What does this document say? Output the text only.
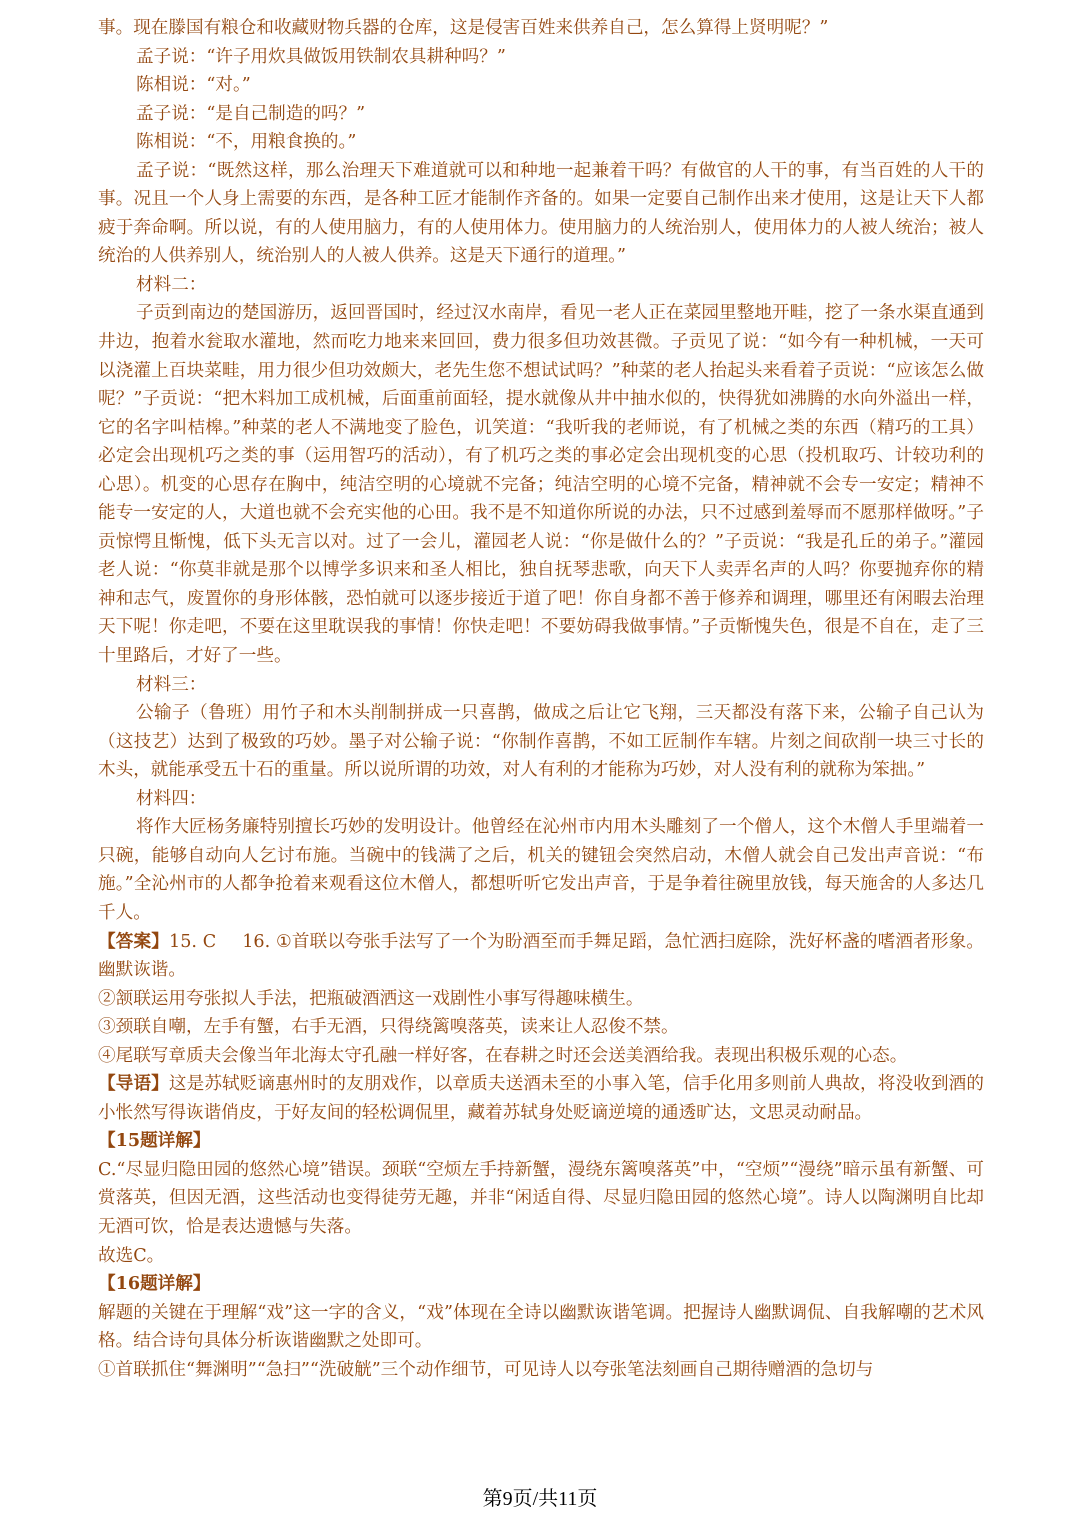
事。现在滕国有粮仓和收藏财物兵器的仓库，这是侵害百姓来供养自己，怎么算得上贤明呢？”

孟子说：“许子用炊具做饭用铁制农具耕种吗？”

陈相说：“对。”

孟子说：“是自己制造的吗？”

陈相说：“不，用粮食换的。”

孟子说：“既然这样，那么治理天下难道就可以和种地一起兼着干吗？有做官的人干的事，有当百姓的人干的事。况且一个人身上需要的东西，是各种工匠才能制作齐备的。如果一定要自己制作出来才使用，这是让天下人都疲于奔命啊。所以说，有的人使用脑力，有的人使用体力。使用脑力的人统治别人，使用体力的人被人统治；被人统治的人供养别人，统治别人的人被人供养。这是天下通行的道理。”

材料二：

子贡到南边的楚国游历，返回晋国时，经过汉水南岸，看见一老人正在菜园里整地开畦，挖了一条水渠直通到井边，抱着水瓮取水灌地，然而吃力地来来回回，费力很多但功效甚微。子贡见了说：“如今有一种机械，一天可以浇灌上百块菜畦，用力很少但功效颇大，老先生您不想试试吗？”种菜的老人抬起头来看着子贡说：“应该怎么做呢？”子贡说：“把木料加工成机械，后面重前面轻，提水就像从井中抽水似的，快得犹如沸腾的水向外溢出一样，它的名字叫桔槔。”种菜的老人不满地变了脸色，讥笑道：“我听我的老师说，有了机械之类的东西（精巧的工具）必定会出现机巧之类的事（运用智巧的活动），有了机巧之类的事必定会出现机变的心思（投机取巧、计较功利的心思）。机变的心思存在胸中，纯洁空明的心境就不完备；纯洁空明的心境不完备，精神就不会专一安定；精神不能专一安定的人，大道也就不会充实他的心田。我不是不知道你所说的办法，只不过感到羞辱而不愿那样做呀。”子贡惊愕且惭愧，低下头无言以对。过了一会儿，灌园老人说：“你是做什么的？”子贡说：“我是孔丘的弟子。”灌园老人说：“你莫非就是那个以博学多识来和圣人相比，独自抚琴悲歌，向天下人卖弄名声的人吗？你要抛弃你的精神和志气，废置你的身形体骸，恐怕就可以逐步接近于道了吧！你自身都不善于修养和调理，哪里还有闲暇去治理天下呢！你走吧，不要在这里耽误我的事情！你快走吧！不要妨碍我做事情。”子贡惭愧失色，很是不自在，走了三十里路后，才好了一些。

材料三：

公输子（鲁班）用竹子和木头削制拼成一只喜鹊，做成之后让它飞翔，三天都没有落下来，公输子自己认为（这技艺）达到了极致的巧妙。墨子对公输子说：“你制作喜鹊，不如工匠制作车辖。片刻之间砍削一块三寸长的木头，就能承受五十石的重量。所以说所谓的功效，对人有利的才能称为巧妙，对人没有利的就称为笨拙。”

材料四：

将作大匠杨务廉特别擅长巧妙的发明设计。他曾经在沁州市内用木头雕刻了一个僧人，这个木僧人手里端着一只碗，能够自动向人乞讨布施。当碗中的钱满了之后，机关的键钮会突然启动，木僧人就会自己发出声音说：“布施。”全沁州市的人都争抢着来观看这位木僧人，都想听听它发出声音，于是争着往碗里放钱，每天施舍的人多达几千人。

【答案】15. C 16. ①首联以夸张手法写了一个为盼酒至而手舞足蹈，急忙洒扫庭除，洗好杯盏的嗜酒者形象。幽默诙谐。

②颔联运用夸张拟人手法，把瓶破酒洒这一戏剧性小事写得趣味横生。

③颈联自嘲，左手有蟹，右手无酒，只得绕篱嗅落英，读来让人忍俊不禁。

④尾联写章质夫会像当年北海太守孔融一样好客，在春耕之时还会送美酒给我。表现出积极乐观的心态。

【导语】这是苏轼贬谪惠州时的友朋戏作，以章质夫送酒未至的小事入笔，信手化用多则前人典故，将没收到酒的小怅然写得诙谐俏皮，于好友间的轻松调侃里，藏着苏轼身处贬谪逆境的通透旷达，文思灵动耐品。

【15题详解】

C.“尽显归隐田园的悠然心境”错误。颈联“空烦左手持新蟹，漫绕东篱嗅落英”中，“空烦”“漫绕”暗示虽有新蟹、可赏落英，但因无酒，这些活动也变得徒劳无趣，并非“闲适自得、尽显归隐田园的悠然心境”。诗人以陶渊明自比却无酒可饮，恰是表达遗憾与失落。

故选C。

【16题详解】

解题的关键在于理解“戏”这一字的含义，“戏”体现在全诗以幽默诙谐笔调。把握诗人幽默调侃、自我解嘲的艺术风格。结合诗句具体分析诙谐幽默之处即可。

①首联抓住“舞渊明”“急扫”“洗破觥”三个动作细节，可见诗人以夸张笔法刻画自己期待赠酒的急切与

第9页/共11页
